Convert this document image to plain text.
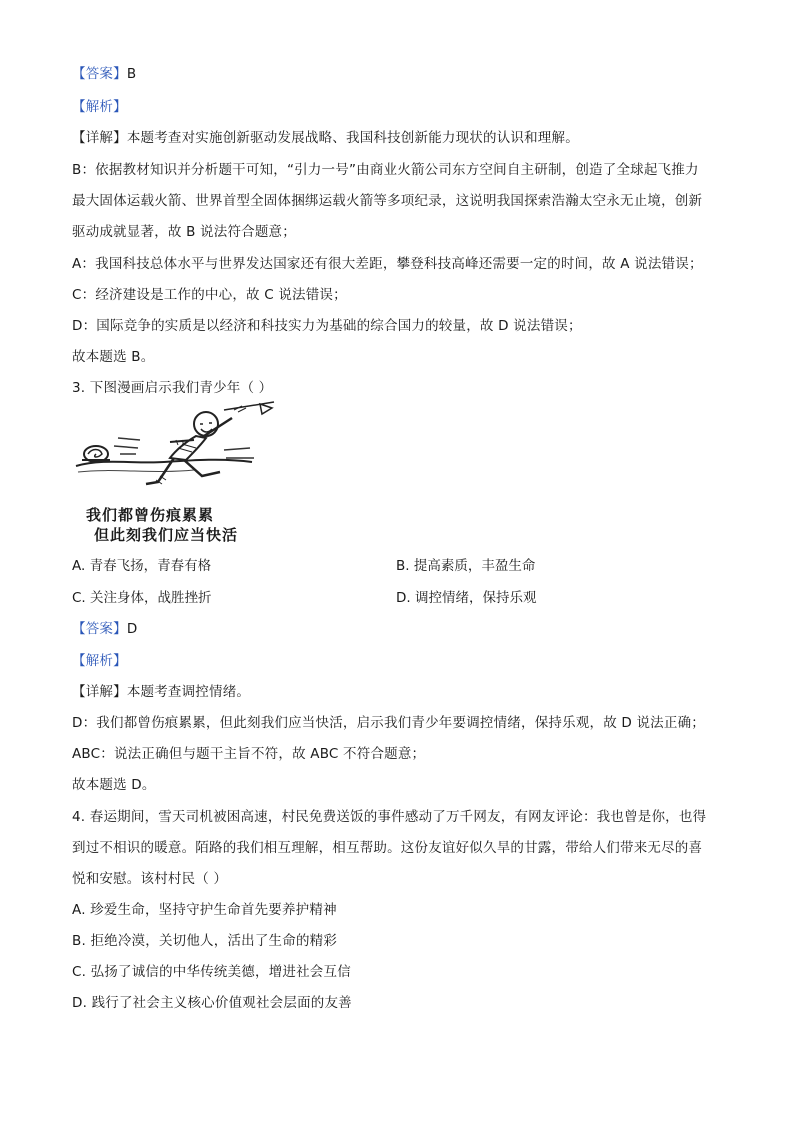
【答案】B
【解析】
【详解】本题考查对实施创新驱动发展战略、我国科技创新能力现状的认识和理解。
B：依据教材知识并分析题干可知，“引力一号”由商业火箭公司东方空间自主研制，创造了全球起飞推力
最大固体运载火箭、世界首型全固体捆绑运载火箭等多项纪录，这说明我国探索浩瀚太空永无止境，创新
驱动成就显著，故 B 说法符合题意；
A：我国科技总体水平与世界发达国家还有很大差距，攀登科技高峰还需要一定的时间，故 A 说法错误；
C：经济建设是工作的中心，故 C 说法错误；
D：国际竞争的实质是以经济和科技实力为基础的综合国力的较量，故 D 说法错误；
故本题选 B。
3. 下图漫画启示我们青少年（ ）
我们都曾伤痕累累
但此刻我们应当快活
A. 青春飞扬，青春有格	B. 提高素质，丰盈生命
C. 关注身体，战胜挫折	D. 调控情绪，保持乐观
【答案】D
【解析】
【详解】本题考查调控情绪。
D：我们都曾伤痕累累，但此刻我们应当快活，启示我们青少年要调控情绪，保持乐观，故 D 说法正确；
ABC：说法正确但与题干主旨不符，故 ABC 不符合题意；
故本题选 D。
4. 春运期间，雪天司机被困高速，村民免费送饭的事件感动了万千网友，有网友评论：我也曾是你，也得
到过不相识的暖意。陌路的我们相互理解，相互帮助。这份友谊好似久旱的甘露，带给人们带来无尽的喜
悦和安慰。该村村民（ ）
A. 珍爱生命，坚持守护生命首先要养护精神
B. 拒绝冷漠，关切他人，活出了生命的精彩
C. 弘扬了诚信的中华传统美德，增进社会互信
D. 践行了社会主义核心价值观社会层面的友善
